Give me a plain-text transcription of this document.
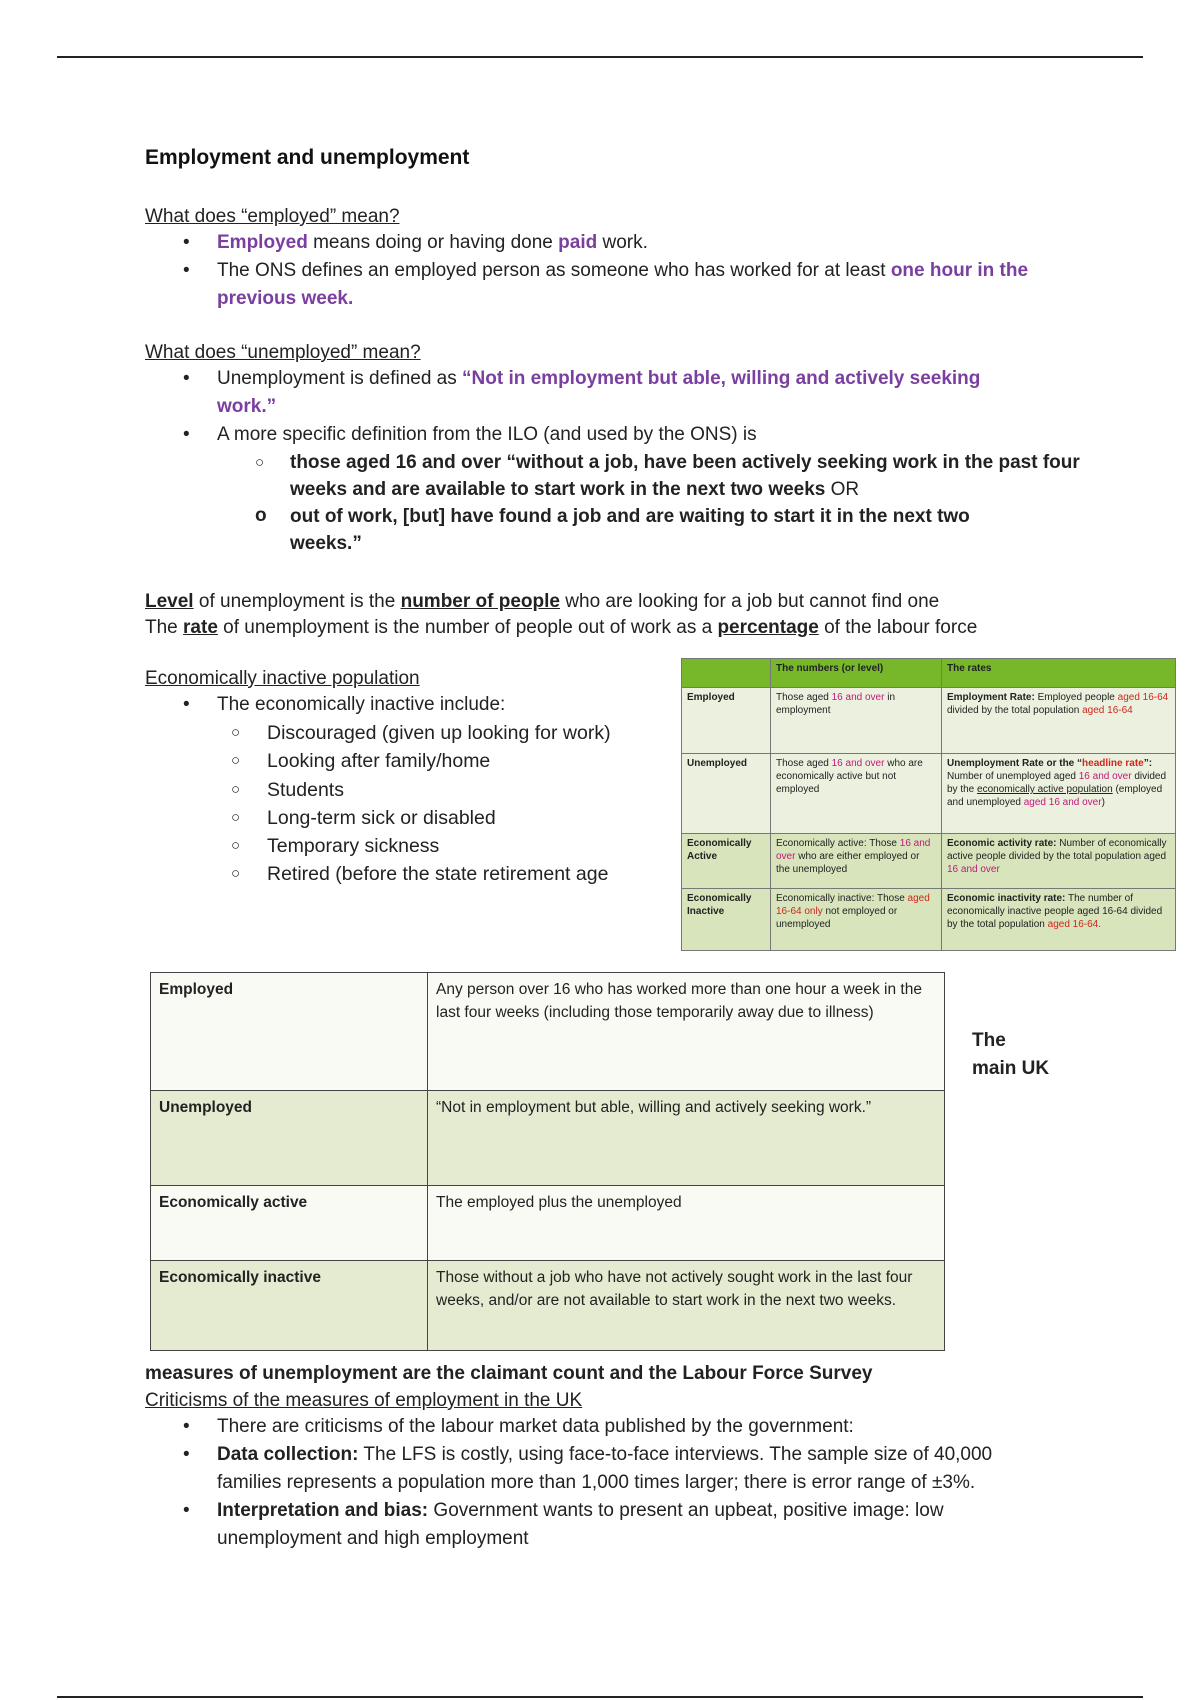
Employment and unemployment
What does “employed” mean?
• Employed means doing or having done paid work.
• The ONS defines an employed person as someone who has worked for at least one hour in the previous week.
What does “unemployed” mean?
• Unemployment is defined as “Not in employment but able, willing and actively seeking work.”
• A more specific definition from the ILO (and used by the ONS) is
○ those aged 16 and over “without a job, have been actively seeking work in the past four weeks and are available to start work in the next two weeks OR
o out of work, [but] have found a job and are waiting to start it in the next two weeks.”
Level of unemployment is the number of people who are looking for a job but cannot find one
The rate of unemployment is the number of people out of work as a percentage of the labour force
Economically inactive population
• The economically inactive include:
○ Discouraged (given up looking for work)
○ Looking after family/home
○ Students
○ Long-term sick or disabled
○ Temporary sickness
○ Retired (before the state retirement age
	The numbers (or level)	The rates
Employed	Those aged 16 and over in employment	Employment Rate: Employed people aged 16-64 divided by the total population aged 16-64
Unemployed	Those aged 16 and over who are economically active but not employed	Unemployment Rate or the “headline rate”: Number of unemployed aged 16 and over divided by the economically active population (employed and unemployed aged 16 and over)
Economically Active	Economically active: Those 16 and over who are either employed or the unemployed	Economic activity rate: Number of economically active people divided by the total population aged 16 and over
Economically Inactive	Economically inactive: Those aged 16-64 only not employed or unemployed	Economic inactivity rate: The number of economically inactive people aged 16-64 divided by the total population aged 16-64.
Employed	Any person over 16 who has worked more than one hour a week in the last four weeks (including those temporarily away due to illness)
Unemployed	“Not in employment but able, willing and actively seeking work.”
Economically active	The employed plus the unemployed
Economically inactive	Those without a job who have not actively sought work in the last four weeks, and/or are not available to start work in the next two weeks.
The
main UK
measures of unemployment are the claimant count and the Labour Force Survey
Criticisms of the measures of employment in the UK
• There are criticisms of the labour market data published by the government:
• Data collection: The LFS is costly, using face-to-face interviews. The sample size of 40,000 families represents a population more than 1,000 times larger; there is error range of ±3%.
• Interpretation and bias: Government wants to present an upbeat, positive image: low unemployment and high employment
